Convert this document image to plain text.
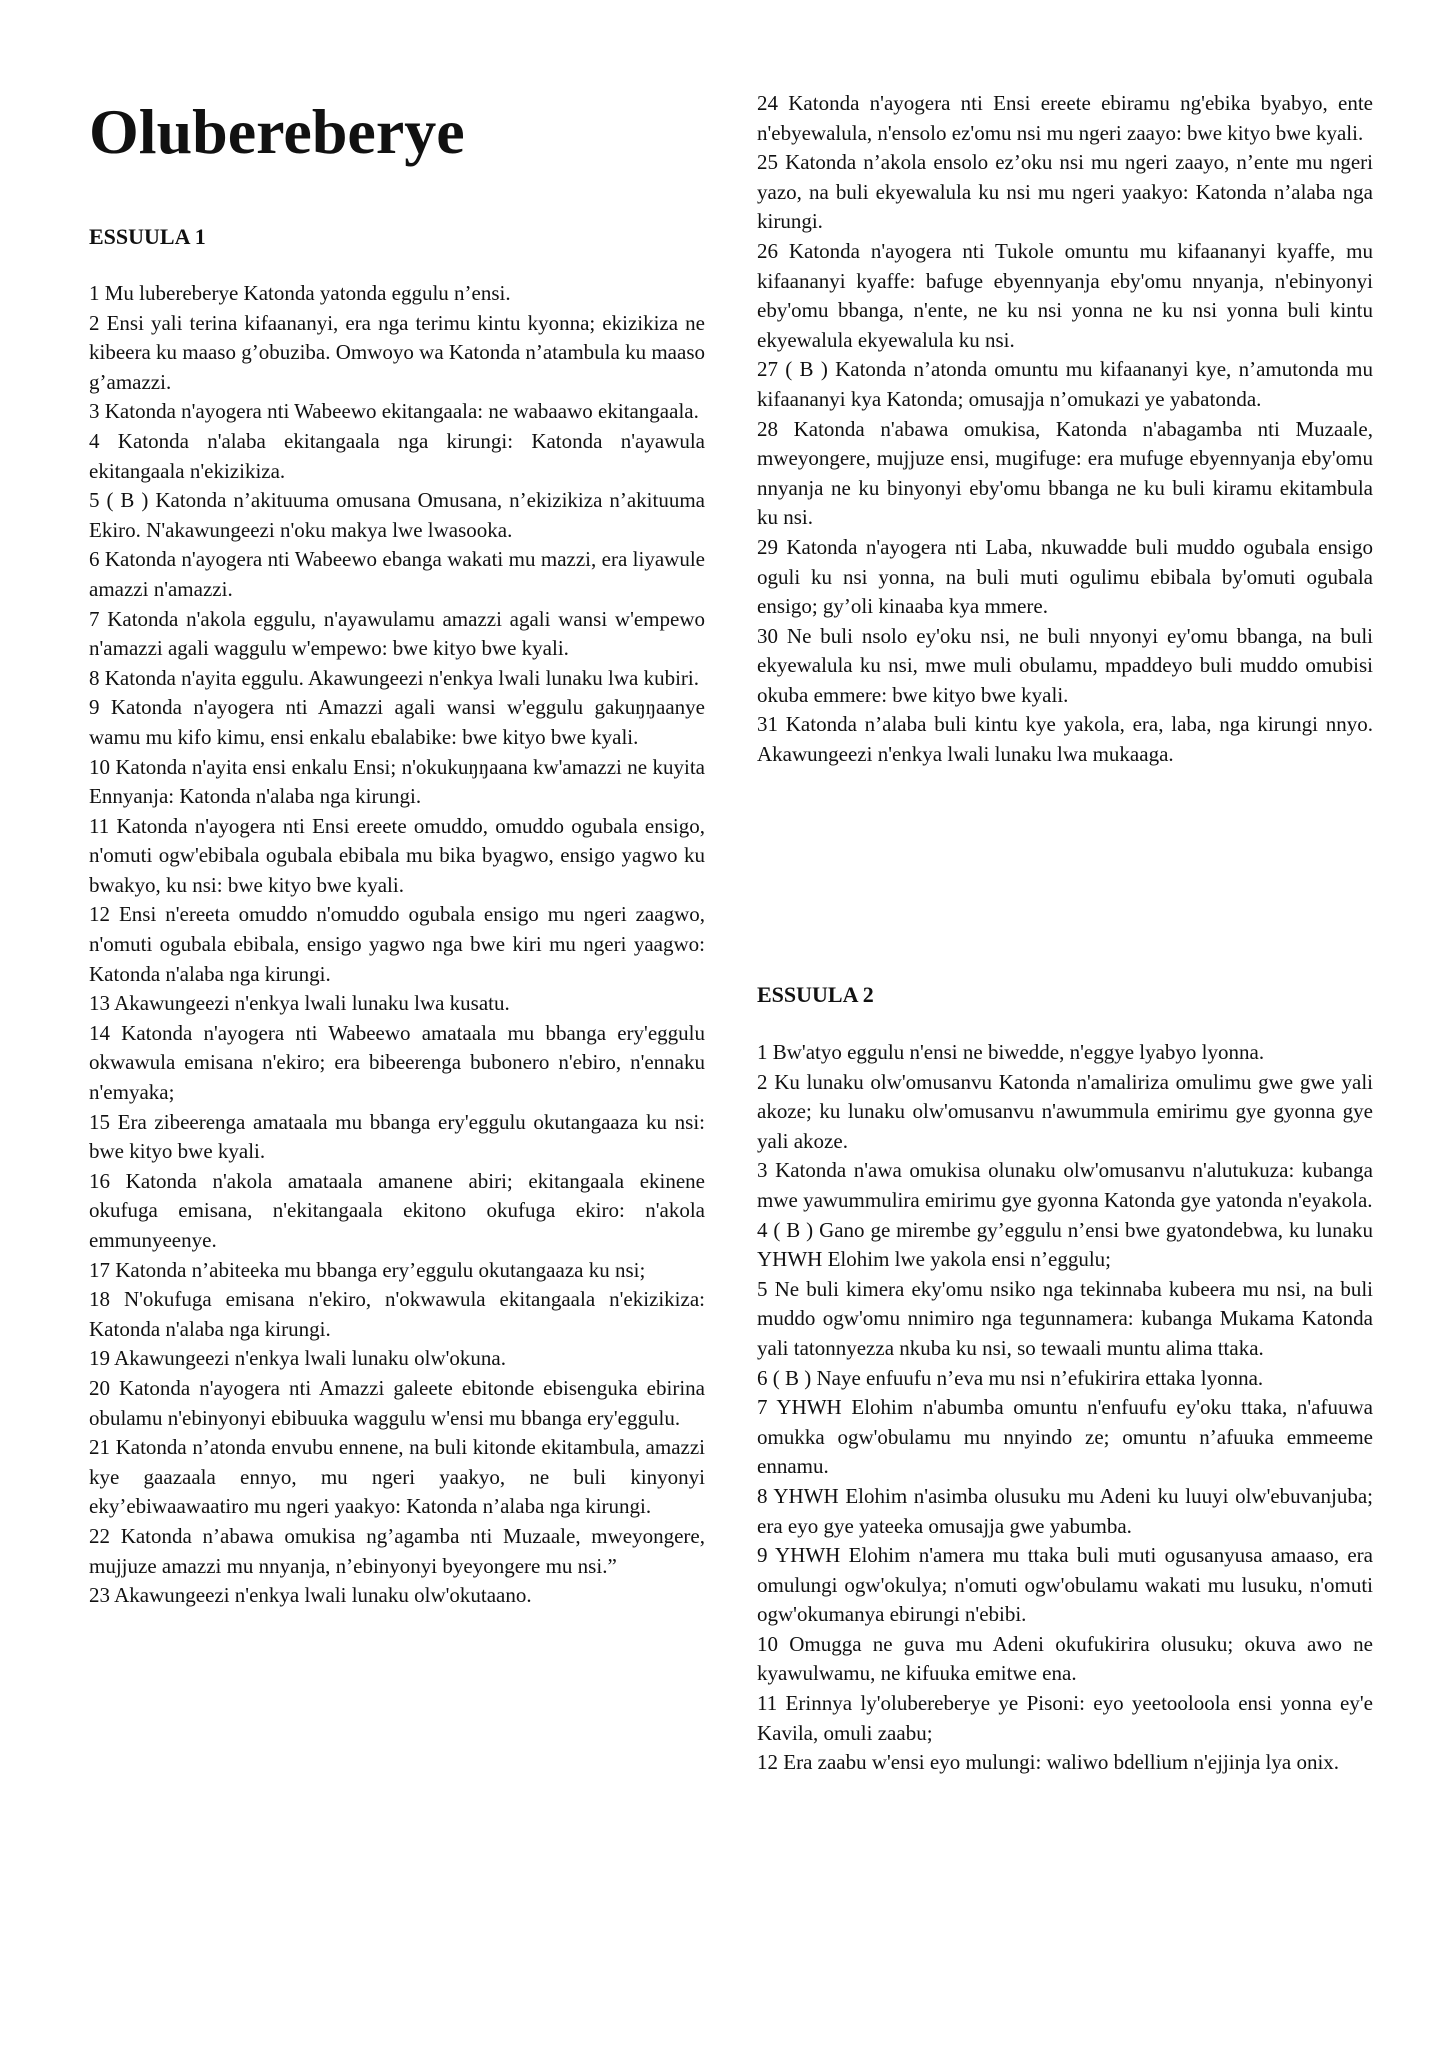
Olubereberye
ESSUULA 1

1 Mu lubereberye Katonda yatonda eggulu n’ensi.

2 Ensi yali terina kifaananyi, era nga terimu kintu kyonna; ekizikiza ne kibeera ku maaso g’obuziba. Omwoyo wa Katonda n’atambula ku maaso g’amazzi.

3 Katonda n'ayogera nti Wabeewo ekitangaala: ne wabaawo ekitangaala.

4 Katonda n'alaba ekitangaala nga kirungi: Katonda n'ayawula ekitangaala n'ekizikiza.

5 ( B ) Katonda n’akituuma omusana Omusana, n’ekizikiza n’akituuma Ekiro. N'akawungeezi n'oku makya lwe lwasooka.

6 Katonda n'ayogera nti Wabeewo ebanga wakati mu mazzi, era liyawule amazzi n'amazzi.

7 Katonda n'akola eggulu, n'ayawulamu amazzi agali wansi w'empewo n'amazzi agali waggulu w'empewo: bwe kityo bwe kyali.

8 Katonda n'ayita eggulu. Akawungeezi n'enkya lwali lunaku lwa kubiri.

9 Katonda n'ayogera nti Amazzi agali wansi w'eggulu gakuŋŋaanye wamu mu kifo kimu, ensi enkalu ebalabike: bwe kityo bwe kyali.

10 Katonda n'ayita ensi enkalu Ensi; n'okukuŋŋaana kw'amazzi ne kuyita Ennyanja: Katonda n'alaba nga kirungi.

11 Katonda n'ayogera nti Ensi ereete omuddo, omuddo ogubala ensigo, n'omuti ogw'ebibala ogubala ebibala mu bika byagwo, ensigo yagwo ku bwakyo, ku nsi: bwe kityo bwe kyali.

12 Ensi n'ereeta omuddo n'omuddo ogubala ensigo mu ngeri zaagwo, n'omuti ogubala ebibala, ensigo yagwo nga bwe kiri mu ngeri yaagwo: Katonda n'alaba nga kirungi.

13 Akawungeezi n'enkya lwali lunaku lwa kusatu.

14 Katonda n'ayogera nti Wabeewo amataala mu bbanga ery'eggulu okwawula emisana n'ekiro; era bibeerenga bubonero n'ebiro, n'ennaku n'emyaka;

15 Era zibeerenga amataala mu bbanga ery'eggulu okutangaaza ku nsi: bwe kityo bwe kyali.

16 Katonda n'akola amataala amanene abiri; ekitangaala ekinene okufuga emisana, n'ekitangaala ekitono okufuga ekiro: n'akola emmunyeenye.

17 Katonda n’abiteeka mu bbanga ery’eggulu okutangaaza ku nsi;

18 N'okufuga emisana n'ekiro, n'okwawula ekitangaala n'ekizikiza: Katonda n'alaba nga kirungi.

19 Akawungeezi n'enkya lwali lunaku olw'okuna.

20 Katonda n'ayogera nti Amazzi galeete ebitonde ebisenguka ebirina obulamu n'ebinyonyi ebibuuka waggulu w'ensi mu bbanga ery'eggulu.

21 Katonda n’atonda envubu ennene, na buli kitonde ekitambula, amazzi kye gaazaala ennyo, mu ngeri yaakyo, ne buli kinyonyi eky’ebiwaawaatiro mu ngeri yaakyo: Katonda n’alaba nga kirungi.

22 Katonda n’abawa omukisa ng’agamba nti Muzaale, mweyongere, mujjuze amazzi mu nnyanja, n’ebinyonyi byeyongere mu nsi.”

23 Akawungeezi n'enkya lwali lunaku olw'okutaano.

24 Katonda n'ayogera nti Ensi ereete ebiramu ng'ebika byabyo, ente n'ebyewalula, n'ensolo ez'omu nsi mu ngeri zaayo: bwe kityo bwe kyali.

25 Katonda n’akola ensolo ez’oku nsi mu ngeri zaayo, n’ente mu ngeri yazo, na buli ekyewalula ku nsi mu ngeri yaakyo: Katonda n’alaba nga kirungi.

26 Katonda n'ayogera nti Tukole omuntu mu kifaananyi kyaffe, mu kifaananyi kyaffe: bafuge ebyennyanja eby'omu nnyanja, n'ebinyonyi eby'omu bbanga, n'ente, ne ku nsi yonna ne ku nsi yonna buli kintu ekyewalula ekyewalula ku nsi.

27 ( B ) Katonda n’atonda omuntu mu kifaananyi kye, n’amutonda mu kifaananyi kya Katonda; omusajja n’omukazi ye yabatonda.

28 Katonda n'abawa omukisa, Katonda n'abagamba nti Muzaale, mweyongere, mujjuze ensi, mugifuge: era mufuge ebyennyanja eby'omu nnyanja ne ku binyonyi eby'omu bbanga ne ku buli kiramu ekitambula ku nsi.

29 Katonda n'ayogera nti Laba, nkuwadde buli muddo ogubala ensigo oguli ku nsi yonna, na buli muti ogulimu ebibala by'omuti ogubala ensigo; gy’oli kinaaba kya mmere.

30 Ne buli nsolo ey'oku nsi, ne buli nnyonyi ey'omu bbanga, na buli ekyewalula ku nsi, mwe muli obulamu, mpaddeyo buli muddo omubisi okuba emmere: bwe kityo bwe kyali.

31 Katonda n’alaba buli kintu kye yakola, era, laba, nga kirungi nnyo. Akawungeezi n'enkya lwali lunaku lwa mukaaga.

ESSUULA 2

1 Bw'atyo eggulu n'ensi ne biwedde, n'eggye lyabyo lyonna.

2 Ku lunaku olw'omusanvu Katonda n'amaliriza omulimu gwe gwe yali akoze; ku lunaku olw'omusanvu n'awummula emirimu gye gyonna gye yali akoze.

3 Katonda n'awa omukisa olunaku olw'omusanvu n'alutukuza: kubanga mwe yawummulira emirimu gye gyonna Katonda gye yatonda n'eyakola.

4 ( B ) Gano ge mirembe gy’eggulu n’ensi bwe gyatondebwa, ku lunaku YHWH Elohim lwe yakola ensi n’eggulu;

5 Ne buli kimera eky'omu nsiko nga tekinnaba kubeera mu nsi, na buli muddo ogw'omu nnimiro nga tegunnamera: kubanga Mukama Katonda yali tatonnyezza nkuba ku nsi, so tewaali muntu alima ttaka.

6 ( B ) Naye enfuufu n’eva mu nsi n’efukirira ettaka lyonna.

7 YHWH Elohim n'abumba omuntu n'enfuufu ey'oku ttaka, n'afuuwa omukka ogw'obulamu mu nnyindo ze; omuntu n’afuuka emmeeme ennamu.

8 YHWH Elohim n'asimba olusuku mu Adeni ku luuyi olw'ebuvanjuba; era eyo gye yateeka omusajja gwe yabumba.

9 YHWH Elohim n'amera mu ttaka buli muti ogusanyusa amaaso, era omulungi ogw'okulya; n'omuti ogw'obulamu wakati mu lusuku, n'omuti ogw'okumanya ebirungi n'ebibi.

10 Omugga ne guva mu Adeni okufukirira olusuku; okuva awo ne kyawulwamu, ne kifuuka emitwe ena.

11 Erinnya ly'olubereberye ye Pisoni: eyo yeetooloola ensi yonna ey'e Kavila, omuli zaabu;

12 Era zaabu w'ensi eyo mulungi: waliwo bdellium n'ejjinja lya onix.
